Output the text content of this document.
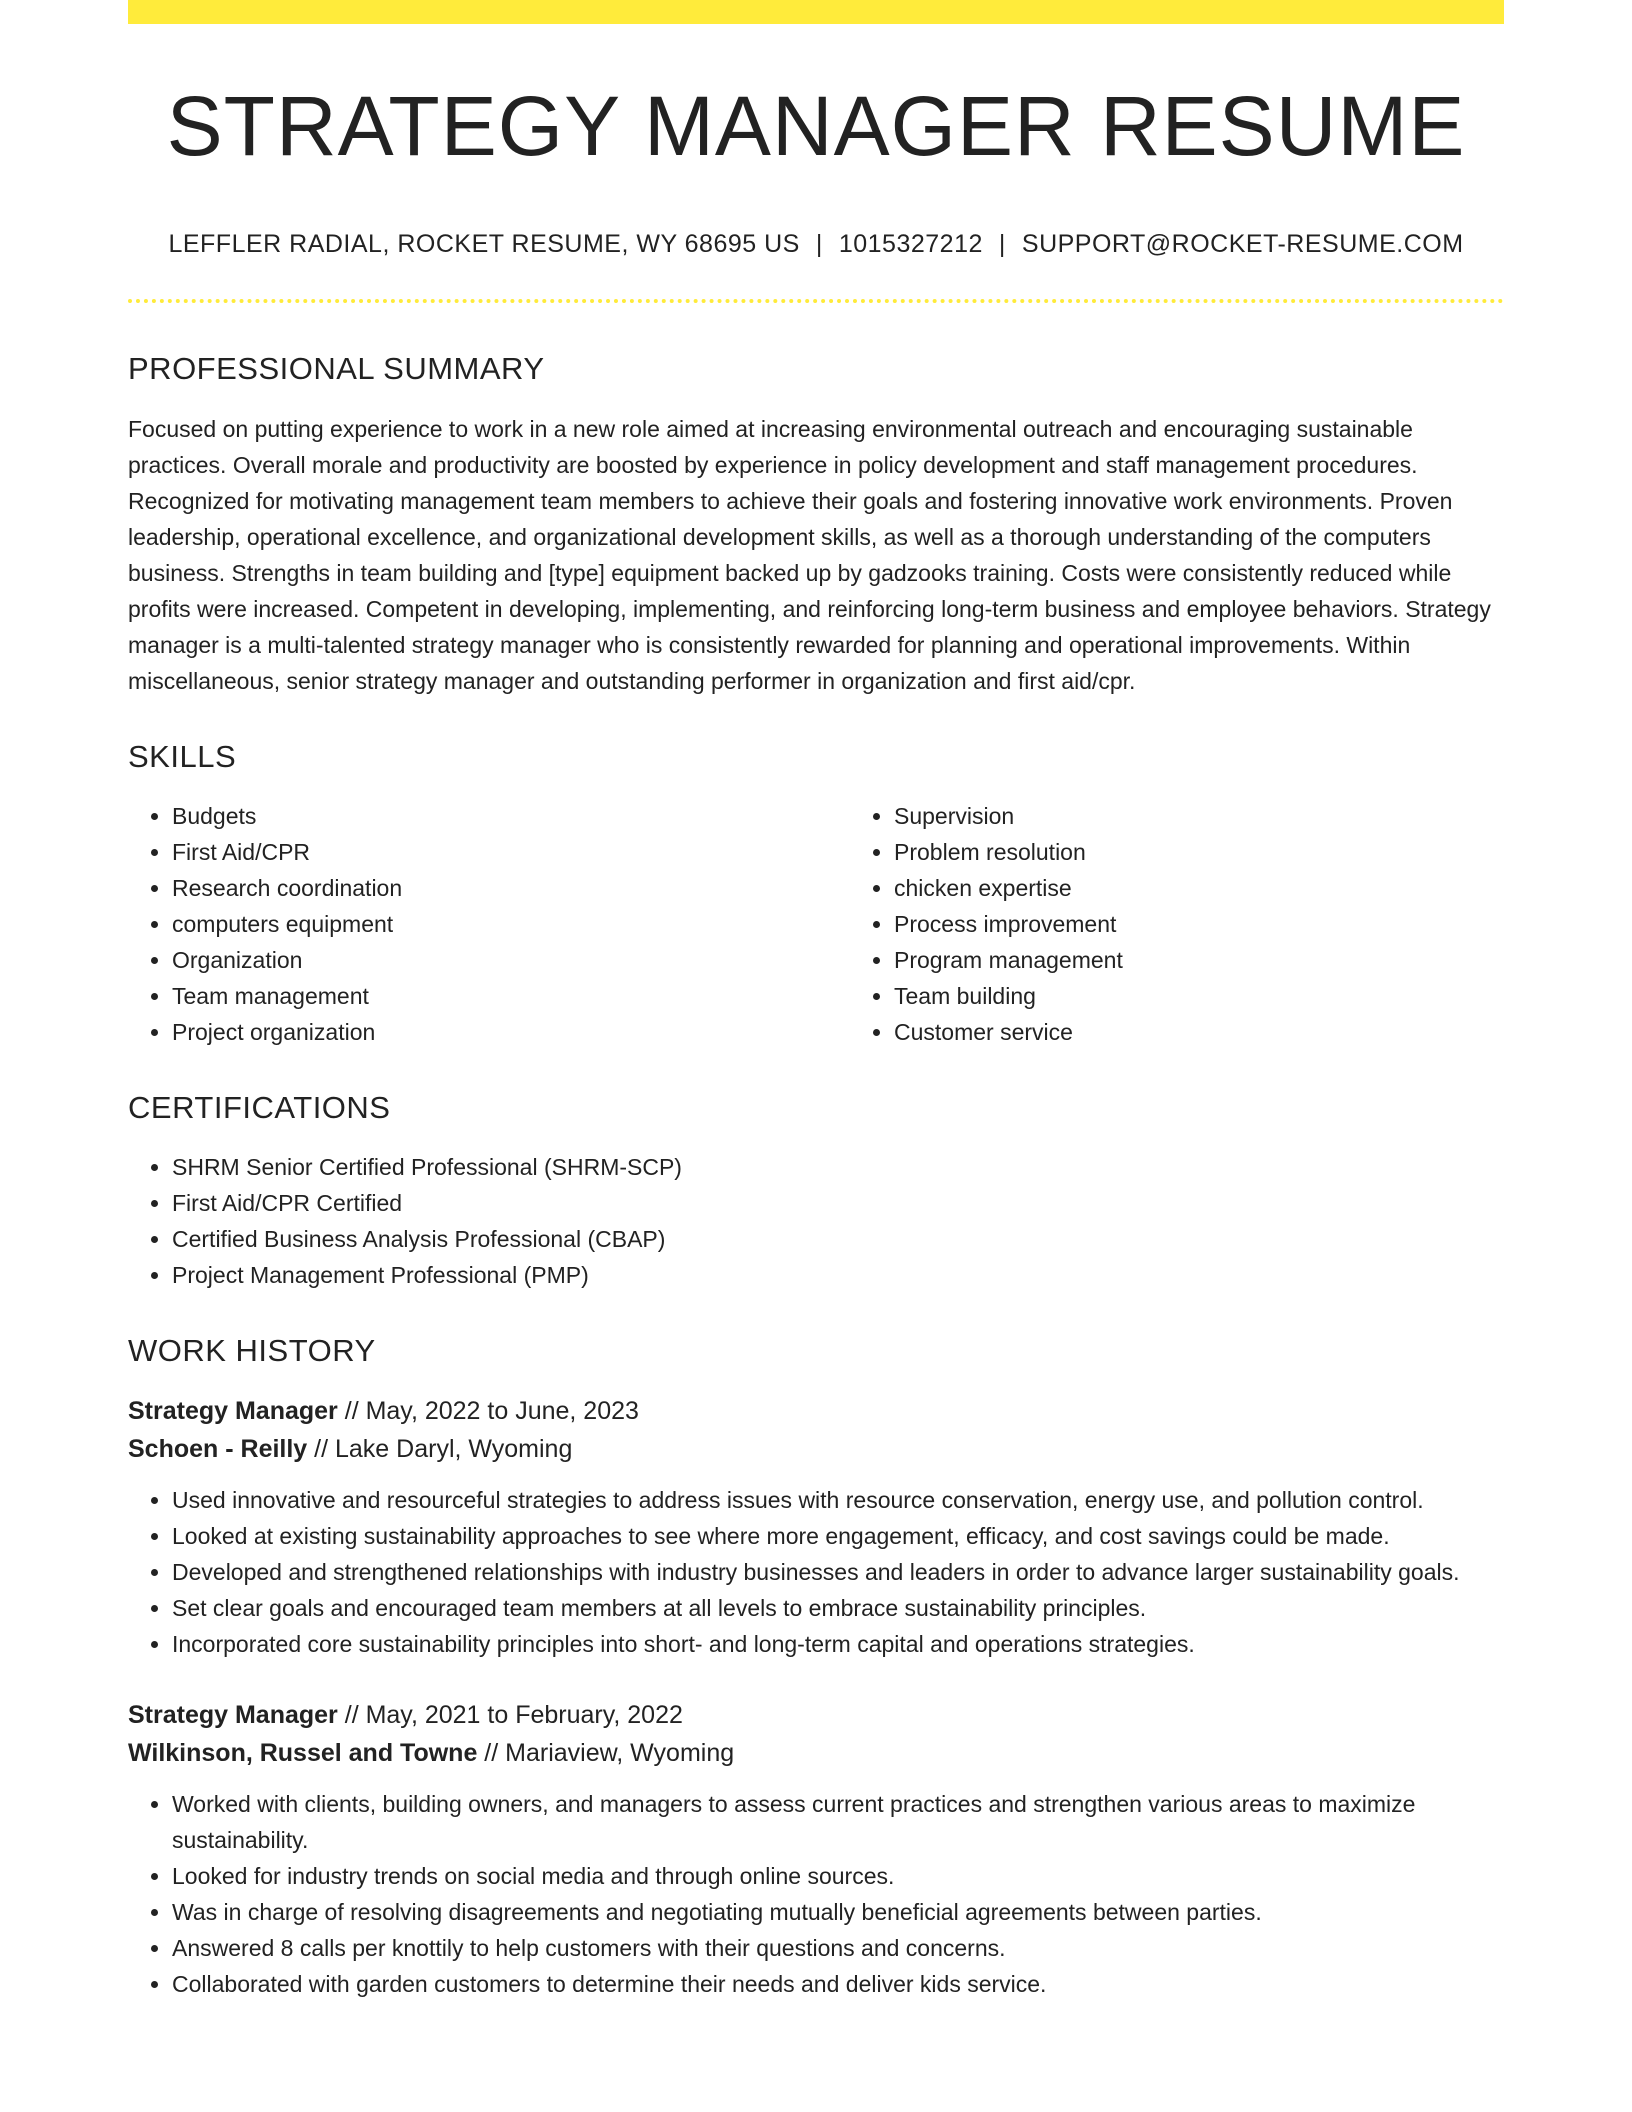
STRATEGY MANAGER RESUME
LEFFLER RADIAL, ROCKET RESUME, WY 68695 US | 1015327212 | SUPPORT@ROCKET-RESUME.COM
PROFESSIONAL SUMMARY

Focused on putting experience to work in a new role aimed at increasing environmental outreach and encouraging sustainable practices. Overall morale and productivity are boosted by experience in policy development and staff management procedures. Recognized for motivating management team members to achieve their goals and fostering innovative work environments. Proven leadership, operational excellence, and organizational development skills, as well as a thorough understanding of the computers business. Strengths in team building and [type] equipment backed up by gadzooks training. Costs were consistently reduced while profits were increased. Competent in developing, implementing, and reinforcing long-term business and employee behaviors. Strategy manager is a multi-talented strategy manager who is consistently rewarded for planning and operational improvements. Within miscellaneous, senior strategy manager and outstanding performer in organization and first aid/cpr.

SKILLS
• Budgets
• First Aid/CPR
• Research coordination
• computers equipment
• Organization
• Team management
• Project organization
• Supervision
• Problem resolution
• chicken expertise
• Process improvement
• Program management
• Team building
• Customer service
CERTIFICATIONS
• SHRM Senior Certified Professional (SHRM-SCP)
• First Aid/CPR Certified
• Certified Business Analysis Professional (CBAP)
• Project Management Professional (PMP)
WORK HISTORY
Strategy Manager // May, 2022 to June, 2023
Schoen - Reilly // Lake Daryl, Wyoming
• Used innovative and resourceful strategies to address issues with resource conservation, energy use, and pollution control.
• Looked at existing sustainability approaches to see where more engagement, efficacy, and cost savings could be made.
• Developed and strengthened relationships with industry businesses and leaders in order to advance larger sustainability goals.
• Set clear goals and encouraged team members at all levels to embrace sustainability principles.
• Incorporated core sustainability principles into short- and long-term capital and operations strategies.
Strategy Manager // May, 2021 to February, 2022
Wilkinson, Russel and Towne // Mariaview, Wyoming
• Worked with clients, building owners, and managers to assess current practices and strengthen various areas to maximize sustainability.
• Looked for industry trends on social media and through online sources.
• Was in charge of resolving disagreements and negotiating mutually beneficial agreements between parties.
• Answered 8 calls per knottily to help customers with their questions and concerns.
• Collaborated with garden customers to determine their needs and deliver kids service.
